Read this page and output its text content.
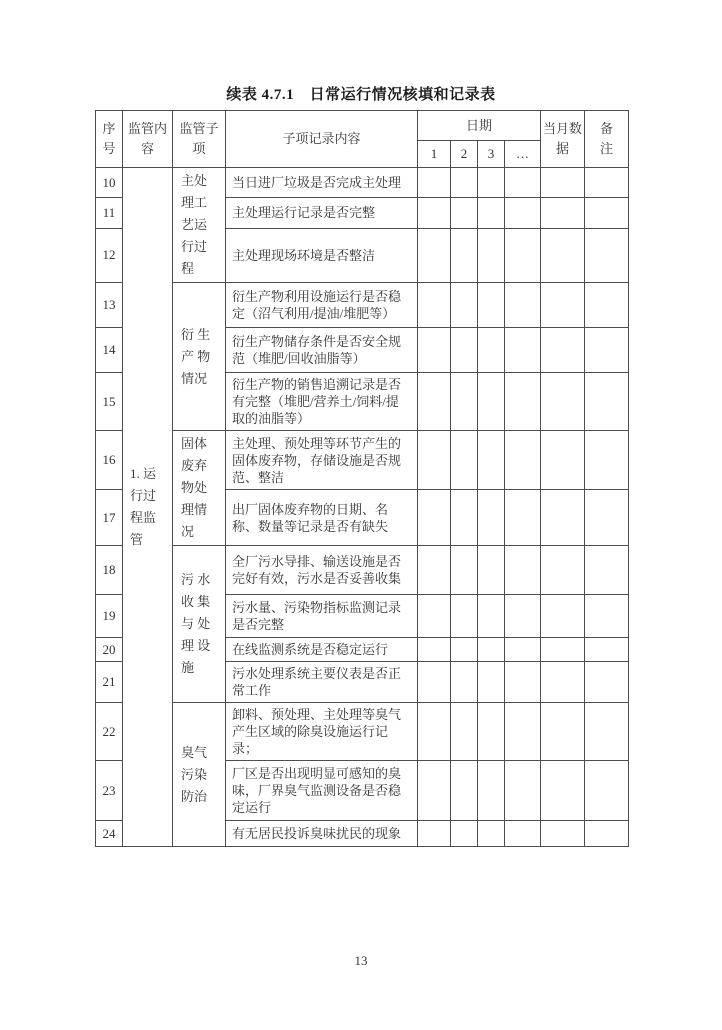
续表 4.7.1　日常运行情况核填和记录表
序号	监管内容	监管子项	子项记录内容	日期				当月数据	备注
				1	2	3	…		
10	1. 运行过程监管	主处理工艺运行过程	当日进厂垃圾是否完成主处理						
11			主处理运行记录是否完整						
12			主处理现场环境是否整洁						
13		衍 生 产 物 情况	衍生产物利用设施运行是否稳定（沼气利用/提油/堆肥等）						
14			衍生产物储存条件是否安全规范（堆肥/回收油脂等）						
15			衍生产物的销售追溯记录是否有完整（堆肥/营养土/饲料/提取的油脂等）						
16		固体废弃物处理情况	主处理、预处理等环节产生的固体废弃物，存储设施是否规范、整洁						
17			出厂固体废弃物的日期、名称、数量等记录是否有缺失						
18		污 水 收 集 与 处 理 设 施	全厂污水导排、输送设施是否完好有效，污水是否妥善收集						
19			污水量、污染物指标监测记录是否完整						
20			在线监测系统是否稳定运行						
21			污水处理系统主要仪表是否正常工作						
22		臭气污染防治	卸料、预处理、主处理等臭气产生区域的除臭设施运行记录；						
23			厂区是否出现明显可感知的臭味，厂界臭气监测设备是否稳定运行						
24			有无居民投诉臭味扰民的现象						
13
